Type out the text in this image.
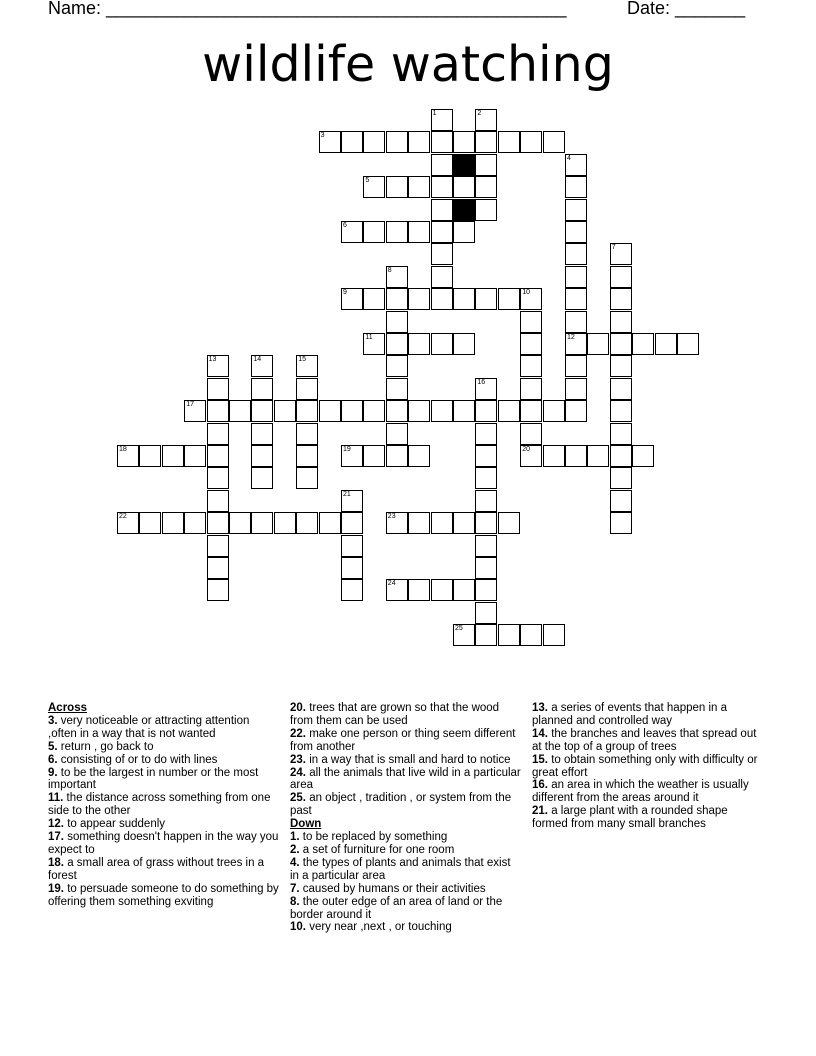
Name: ______________________________________________	Date: _______
wildlife watching
3
5
6
9	10
11	12
17
18	19	20
22	23
24
25
1	2
4
7
8
13	14	15
16
21

Across

3. very noticeable or attracting attention ,often in a way that is not wanted

5. return , go back to

6. consisting of or to do with lines

9. to be the largest in number or the most important

11. the distance across something from one side to the other

12. to appear suddenly

17. something doesn't happen in the way you expect to

18. a small area of grass without trees in a forest

19. to persuade someone to do something by offering them something exviting

20. trees that are grown so that the wood from them can be used

22. make one person or thing seem different from another

23. in a way that is small and hard to notice

24. all the animals that live wild in a particular area

25. an object , tradition , or system from the past

Down

1. to be replaced by something

2. a set of furniture for one room

4. the types of plants and animals that exist in a particular area

7. caused by humans or their activities

8. the outer edge of an area of land or the border around it

10. very near ,next , or touching

13. a series of events that happen in a planned and controlled way

14. the branches and leaves that spread out at the top of a group of trees

15. to obtain something only with difficulty or great effort

16. an area in which the weather is usually different from the areas around it

21. a large plant with a rounded shape formed from many small branches
